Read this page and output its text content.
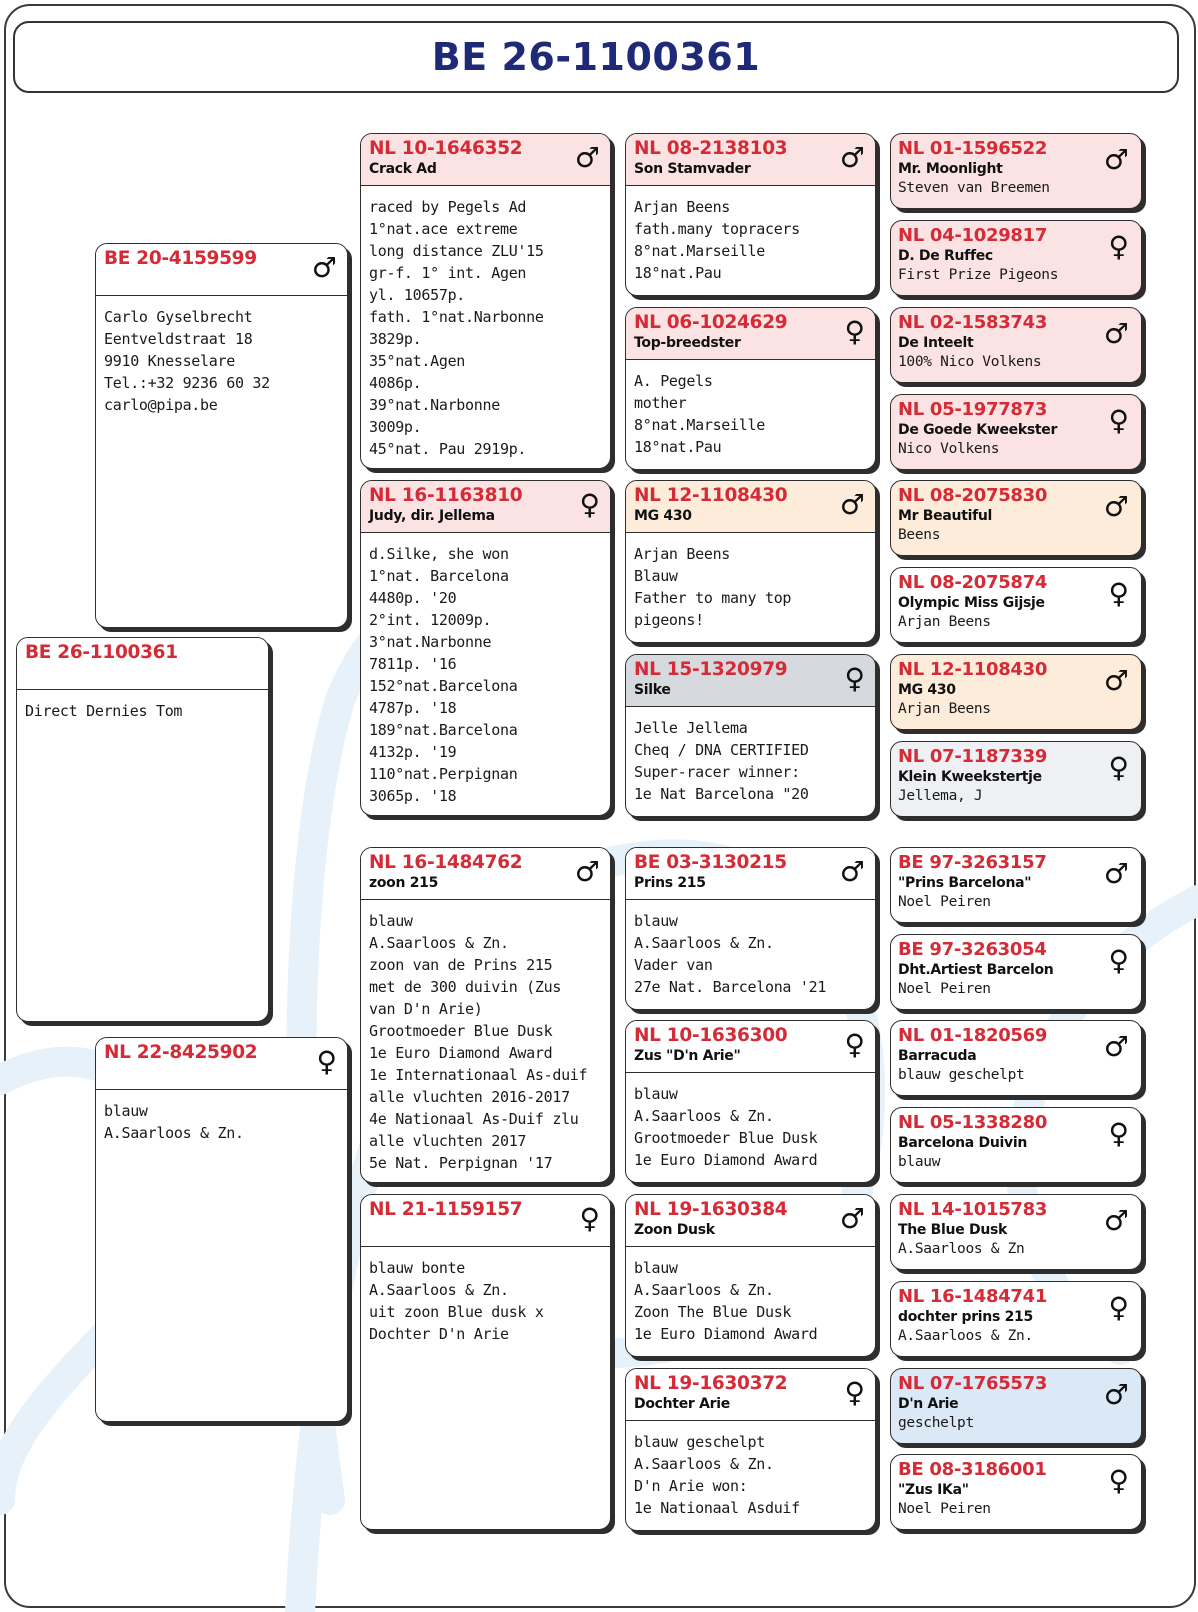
BE 26-1100361
BE 20-4159599	♂
Carlo Gyselbrecht
Eentveldstraat 18
9910 Knesselare
Tel.:+32 9236 60 32
carlo@pipa.be
NL 22-8425902	♀
blauw
A.Saarloos & Zn.
BE 26-1100361
Direct Dernies Tom
NL 10-1646352
Crack Ad	♂
raced by Pegels Ad
1°nat.ace extreme
long distance ZLU'15
gr-f. 1° int. Agen
yl. 10657p.
fath. 1°nat.Narbonne
3829p.
35°nat.Agen
4086p.
39°nat.Narbonne
3009p.
45°nat. Pau 2919p.
NL 16-1163810
Judy, dir. Jellema	♀
d.Silke, she won
1°nat. Barcelona
4480p. '20
2°int. 12009p.
3°nat.Narbonne
7811p. '16
152°nat.Barcelona
4787p. '18
189°nat.Barcelona
4132p. '19
110°nat.Perpignan
3065p. '18
NL 16-1484762
zoon 215	♂
blauw
A.Saarloos & Zn.
zoon van de Prins 215
met de 300 duivin (Zus
van D'n Arie)
Grootmoeder Blue Dusk
1e Euro Diamond Award
1e Internationaal As-duif
alle vluchten 2016-2017
4e Nationaal As-Duif zlu
alle vluchten 2017
5e Nat. Perpignan '17
NL 21-1159157	♀
blauw bonte
A.Saarloos & Zn.
uit zoon Blue dusk x
Dochter D'n Arie
NL 08-2138103
Son Stamvader	♂
Arjan Beens
fath.many topracers
8°nat.Marseille
18°nat.Pau
NL 06-1024629
Top-breedster	♀
A. Pegels
mother
8°nat.Marseille
18°nat.Pau
NL 12-1108430
MG 430	♂
Arjan Beens
Blauw
Father to many top
pigeons!
NL 15-1320979
Silke	♀
Jelle Jellema
Cheq / DNA CERTIFIED
Super-racer winner:
1e Nat Barcelona "20
BE 03-3130215
Prins 215	♂
blauw
A.Saarloos & Zn.
Vader van
27e Nat. Barcelona '21
NL 10-1636300
Zus "D'n Arie"	♀
blauw
A.Saarloos & Zn.
Grootmoeder Blue Dusk
1e Euro Diamond Award
NL 19-1630384
Zoon Dusk	♂
blauw
A.Saarloos & Zn.
Zoon The Blue Dusk
1e Euro Diamond Award
NL 19-1630372
Dochter Arie	♀
blauw geschelpt
A.Saarloos & Zn.
D'n Arie won:
1e Nationaal Asduif
NL 01-1596522
Mr. Moonlight
Steven van Breemen
♂
NL 04-1029817
D. De Ruffec
First Prize Pigeons
♀
NL 02-1583743
De Inteelt
100% Nico Volkens
♂
NL 05-1977873
De Goede Kweekster
Nico Volkens
♀
NL 08-2075830
Mr Beautiful
Beens
♂
NL 08-2075874
Olympic Miss Gijsje
Arjan Beens
♀
NL 12-1108430
MG 430
Arjan Beens
♂
NL 07-1187339
Klein Kweekstertje
Jellema, J
♀
BE 97-3263157
"Prins Barcelona"
Noel Peiren
♂
BE 97-3263054
Dht.Artiest Barcelon
Noel Peiren
♀
NL 01-1820569
Barracuda
blauw geschelpt
♂
NL 05-1338280
Barcelona Duivin
blauw
♀
NL 14-1015783
The Blue Dusk
A.Saarloos & Zn
♂
NL 16-1484741
dochter prins 215
A.Saarloos & Zn.
♀
NL 07-1765573
D'n Arie
geschelpt
♂
BE 08-3186001
"Zus IKa"
Noel Peiren
♀
